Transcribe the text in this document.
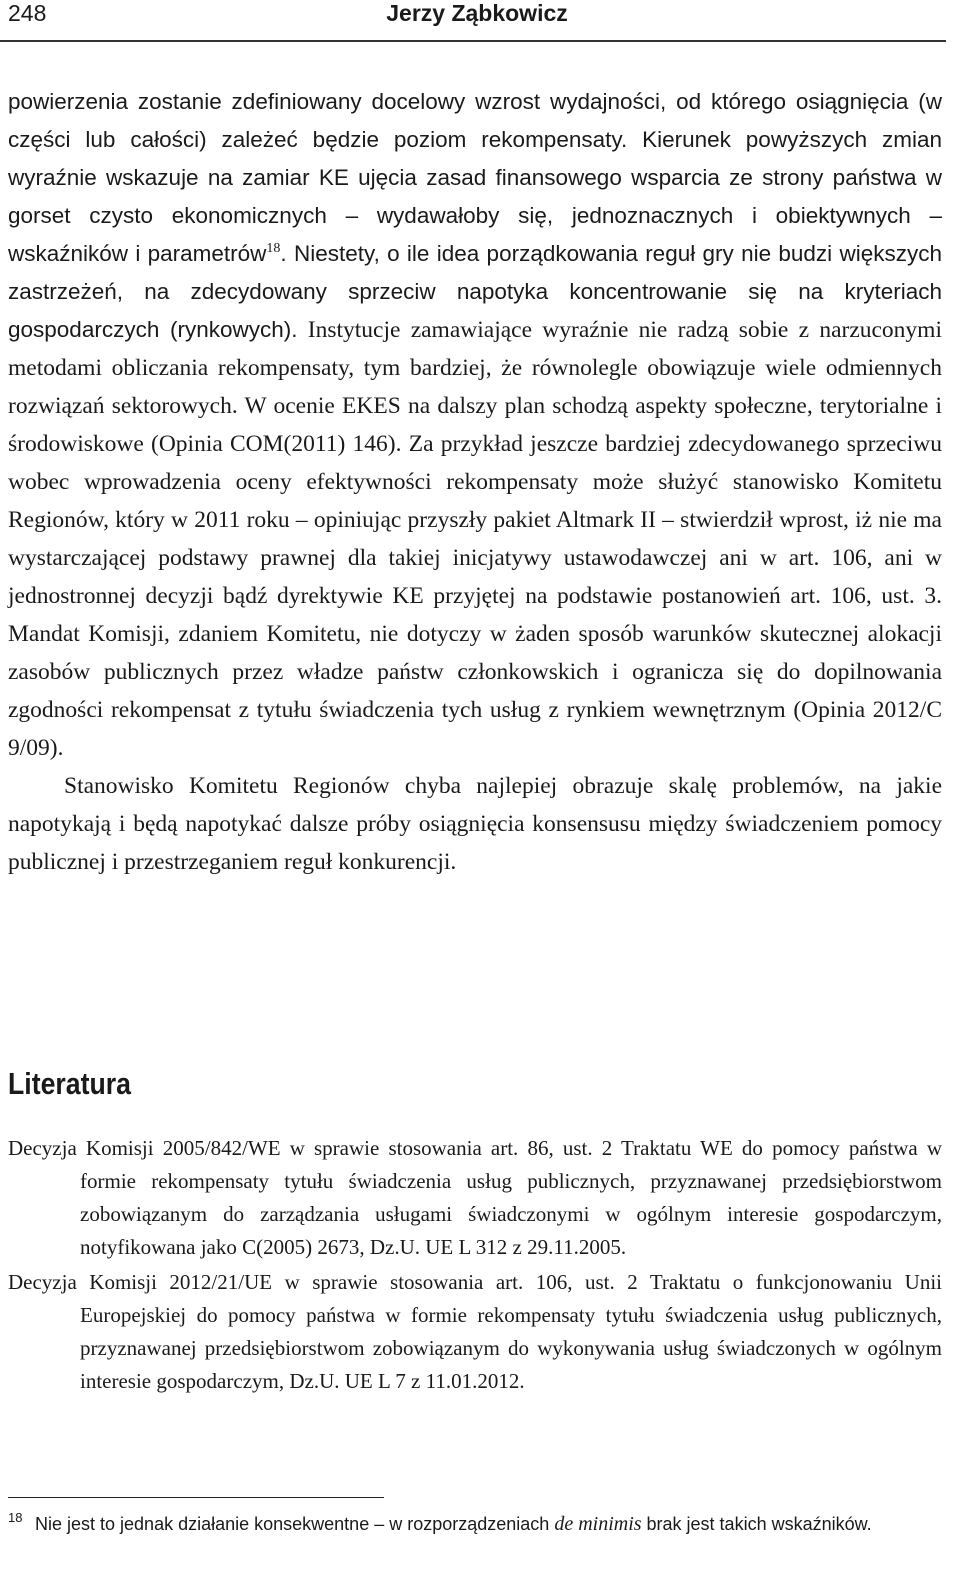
248	Jerzy Ząbkowicz

powierzenia zostanie zdefiniowany docelowy wzrost wydajności, od którego osiągnięcia (w części lub całości) zależeć będzie poziom rekompensaty. Kierunek powyższych zmian wyraźnie wskazuje na zamiar KE ujęcia zasad finansowego wsparcia ze strony państwa w gorset czysto ekonomicznych – wydawałoby się, jednoznacznych i obiektywnych – wskaźników i parametrów$^{18}$. Niestety, o ile idea porządkowania reguł gry nie budzi większych zastrzeżeń, na zdecydowany sprzeciw napotyka koncentrowanie się na kryteriach gospodarczych (rynkowych). Instytucje zamawiające wyraźnie nie radzą sobie z narzuconymi metodami obliczania rekompensaty, tym bardziej, że równolegle obowiązuje wiele odmiennych rozwiązań sektorowych. W ocenie EKES na dalszy plan schodzą aspekty społeczne, terytorialne i środowiskowe (Opinia COM(2011) 146). Za przykład jeszcze bardziej zdecydowanego sprzeciwu wobec wprowadzenia oceny efektywności rekompensaty może służyć stanowisko Komitetu Regionów, który w 2011 roku – opiniując przyszły pakiet Altmark II – stwierdził wprost, iż nie ma wystarczającej podstawy prawnej dla takiej inicjatywy ustawodawczej ani w art. 106, ani w jednostronnej decyzji bądź dyrektywie KE przyjętej na podstawie postanowień art. 106, ust. 3. Mandat Komisji, zdaniem Komitetu, nie dotyczy w żaden sposób warunków skutecznej alokacji zasobów publicznych przez władze państw członkowskich i ogranicza się do dopilnowania zgodności rekompensat z tytułu świadczenia tych usług z rynkiem wewnętrznym (Opinia 2012/C 9/09).

Stanowisko Komitetu Regionów chyba najlepiej obrazuje skalę problemów, na jakie napotykają i będą napotykać dalsze próby osiągnięcia konsensusu między świadczeniem pomocy publicznej i przestrzeganiem reguł konkurencji.

Literatura

Decyzja Komisji 2005/842/WE w sprawie stosowania art. 86, ust. 2 Traktatu WE do pomocy państwa w formie rekompensaty tytułu świadczenia usług publicznych, przyznawanej przedsiębiorstwom zobowiązanym do zarządzania usługami świadczonymi w ogólnym interesie gospodarczym, notyfikowana jako C(2005) 2673, Dz.U. UE L 312 z 29.11.2005.

Decyzja Komisji 2012/21/UE w sprawie stosowania art. 106, ust. 2 Traktatu o funkcjonowaniu Unii Europejskiej do pomocy państwa w formie rekompensaty tytułu świadczenia usług publicznych, przyznawanej przedsiębiorstwom zobowiązanym do wykonywania usług świadczonych w ogólnym interesie gospodarczym, Dz.U. UE L 7 z 11.01.2012.

18 Nie jest to jednak działanie konsekwentne – w rozporządzeniach de minimis brak jest takich wskaźników.
